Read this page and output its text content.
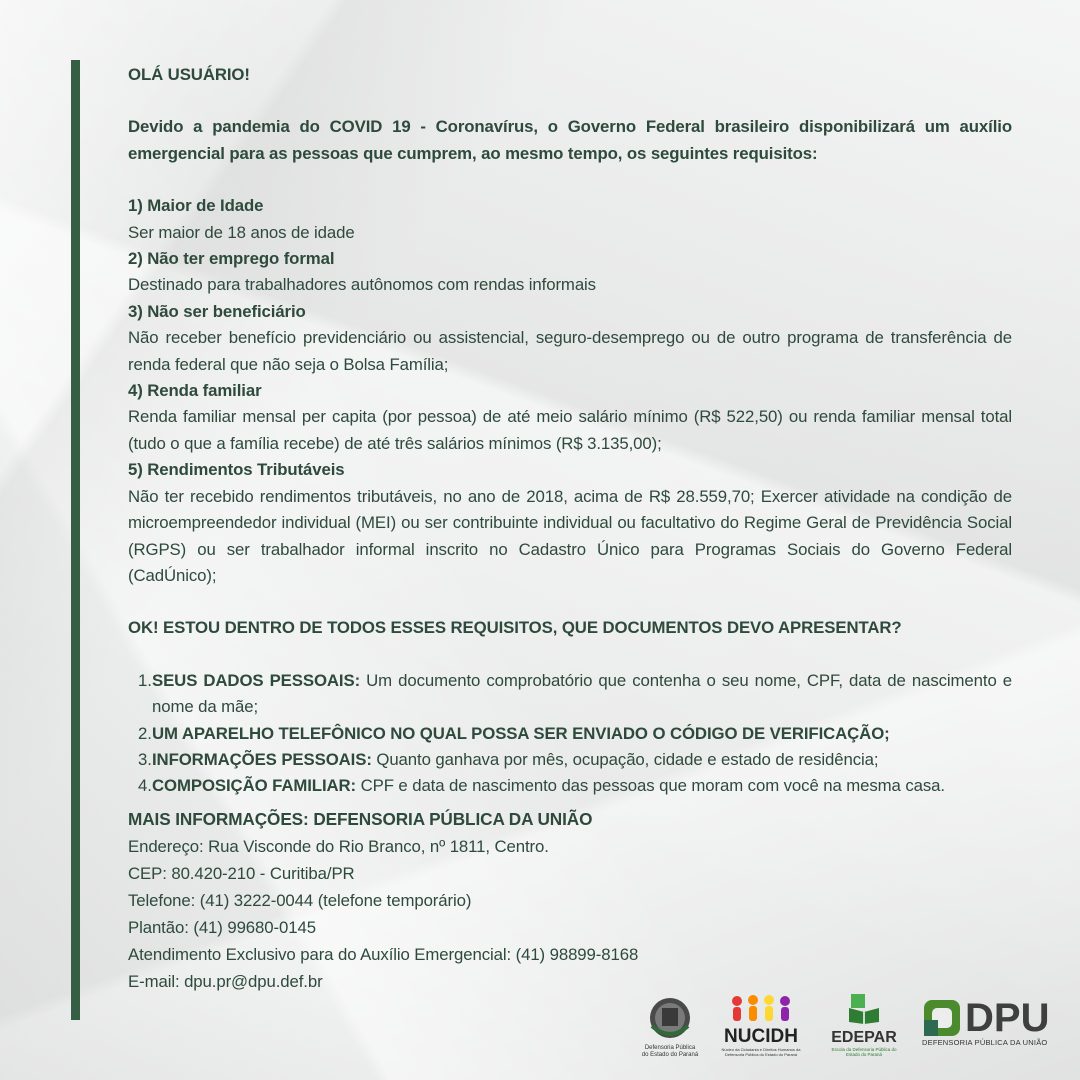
OLÁ USUÁRIO!
Devido a pandemia do COVID 19 - Coronavírus, o Governo Federal brasileiro disponibilizará um auxílio emergencial para as pessoas que cumprem, ao mesmo tempo, os seguintes requisitos:
1) Maior de Idade
Ser maior de 18 anos de idade
2) Não ter emprego formal
Destinado para trabalhadores autônomos com rendas informais
3) Não ser beneficiário
Não receber benefício previdenciário ou assistencial, seguro-desemprego ou de outro programa de transferência de renda federal que não seja o Bolsa Família;
4) Renda familiar
Renda familiar mensal per capita (por pessoa) de até meio salário mínimo (R$ 522,50) ou renda familiar mensal total (tudo o que a família recebe) de até três salários mínimos (R$ 3.135,00);
5) Rendimentos Tributáveis
Não ter recebido rendimentos tributáveis, no ano de 2018, acima de R$ 28.559,70; Exercer atividade na condição de microempreendedor individual (MEI) ou ser contribuinte individual ou facultativo do Regime Geral de Previdência Social (RGPS) ou ser trabalhador informal inscrito no Cadastro Único para Programas Sociais do Governo Federal (CadÚnico);
OK! ESTOU DENTRO DE TODOS ESSES REQUISITOS, QUE DOCUMENTOS DEVO APRESENTAR?
1. SEUS DADOS PESSOAIS: Um documento comprobatório que contenha o seu nome, CPF, data de nascimento e nome da mãe;
2. UM APARELHO TELEFÔNICO NO QUAL POSSA SER ENVIADO O CÓDIGO DE VERIFICAÇÃO;
3. INFORMAÇÕES PESSOAIS: Quanto ganhava por mês, ocupação, cidade e estado de residência;
4. COMPOSIÇÃO FAMILIAR: CPF e data de nascimento das pessoas que moram com você na mesma casa.
MAIS INFORMAÇÕES: DEFENSORIA PÚBLICA DA UNIÃO
Endereço: Rua Visconde do Rio Branco, nº 1811, Centro.
CEP: 80.420-210 - Curitiba/PR
Telefone: (41) 3222-0044 (telefone temporário)
Plantão: (41) 99680-0145
Atendimento Exclusivo para do Auxílio Emergencial: (41) 98899-8168
E-mail: dpu.pr@dpu.def.br
Defensoria Pública
do Estado do Paraná
NUCIDH
Núcleo da Cidadania e Direitos Humanos da Defensoria Pública do Estado do Paraná
EDEPAR
Escola da Defensoria Pública do Estado do Paraná
DPU
DEFENSORIA PÚBLICA DA UNIÃO
